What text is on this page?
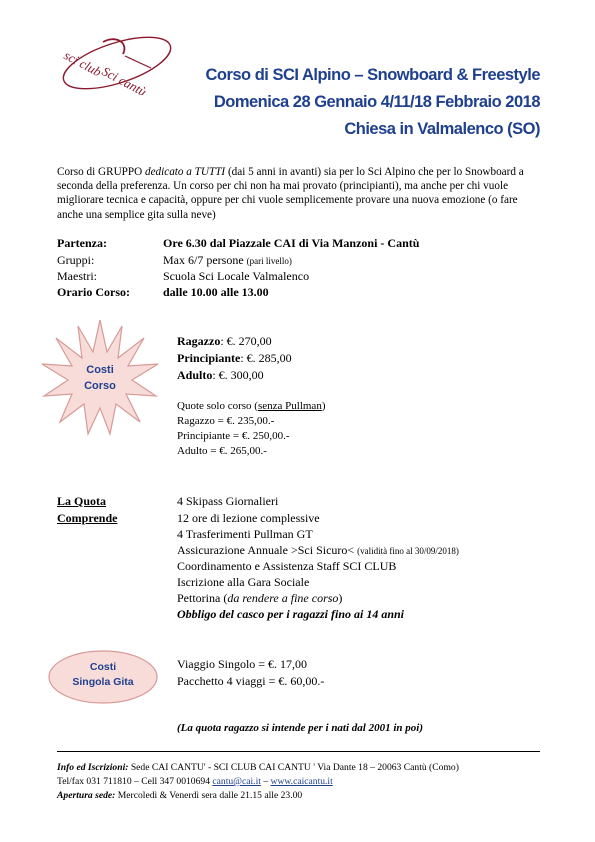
sci club
Sci cantù	Corso di SCI Alpino – Snowboard & Freestyle
Domenica 28 Gennaio 4/11/18 Febbraio 2018
Chiesa in Valmalenco (SO)

Corso di GRUPPO dedicato a TUTTI (dai 5 anni in avanti) sia per lo Sci Alpino che per lo Snowboard a seconda della preferenza. Un corso per chi non ha mai provato (principianti), ma anche per chi vuole migliorare tecnica e capacità, oppure per chi vuole semplicemente provare una nuova emozione (o fare anche una semplice gita sulla neve)

Partenza:	Ore 6.30 dal Piazzale CAI di Via Manzoni - Cantù
Gruppi:	Max 6/7 persone (pari livello)
Maestri:	Scuola Sci Locale Valmalenco
Orario Corso:	dalle 10.00 alle 13.00
Costi
Corso
Ragazzo: €. 270,00
Principiante: €. 285,00
Adulto: €. 300,00
Quote solo corso (senza Pullman)
Ragazzo = €. 235,00.-
Principiante = €. 250,00.-
Adulto = €. 265,00.-
La Quota
Comprende
4 Skipass Giornalieri
12 ore di lezione complessive
4 Trasferimenti Pullman GT
Assicurazione Annuale >Sci Sicuro< (validità fino al 30/09/2018)
Coordinamento e Assistenza Staff SCI CLUB
Iscrizione alla Gara Sociale
Pettorina (da rendere a fine corso)
Obbligo del casco per i ragazzi fino ai 14 anni
Costi
Singola Gita
Viaggio Singolo = €. 17,00
Pacchetto 4 viaggi = €. 60,00.-
(La quota ragazzo si intende per i nati dal 2001 in poi)
Info ed Iscrizioni: Sede CAI CANTU' - SCI CLUB CAI CANTU ' Via Dante 18 – 20063 Cantù (Como)
Tel/fax 031 711810 – Cell 347 0010694 cantu@cai.it – www.caicantu.it
Apertura sede: Mercoledì & Venerdì sera dalle 21.15 alle 23.00
